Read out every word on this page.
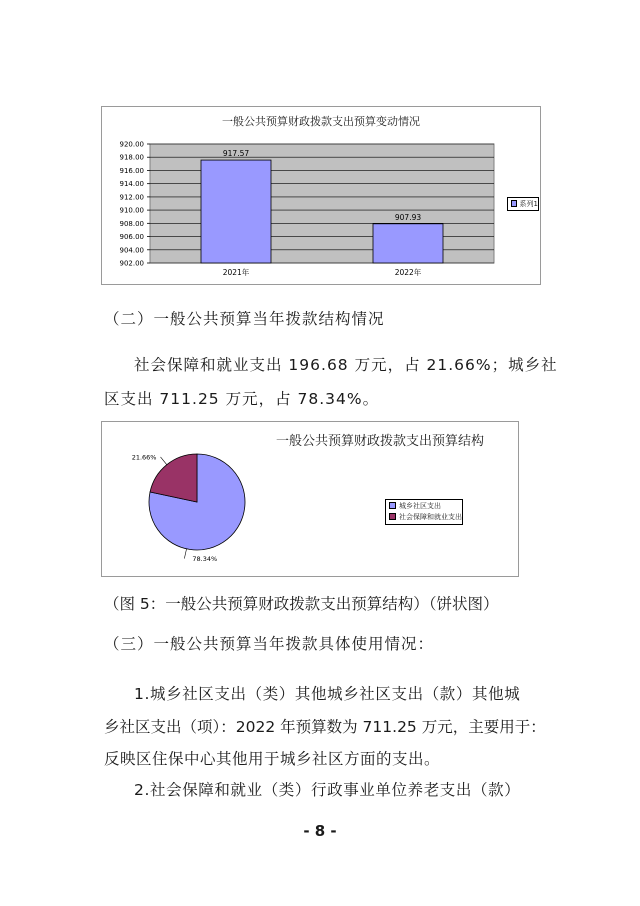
一般公共预算财政拨款支出预算变动情况
920.00
918.00
916.00
914.00
912.00
910.00
908.00
906.00
904.00
902.00
917.57
2021年
907.93
2022年
系列1
（二）一般公共预算当年拨款结构情况
社会保障和就业支出 196.68 万元，占 21.66%；城乡社
区支出 711.25 万元，占 78.34%。
一般公共预算财政拨款支出预算结构
78.34%
21.66%
城乡社区支出
社会保障和就业支出
（图 5：一般公共预算财政拨款支出预算结构）（饼状图）
（三）一般公共预算当年拨款具体使用情况：
1.城乡社区支出（类）其他城乡社区支出（款）其他城
乡社区支出（项）：2022 年预算数为 711.25 万元，主要用于：
反映区住保中心其他用于城乡社区方面的支出。
2.社会保障和就业（类）行政事业单位养老支出（款）
- 8 -
